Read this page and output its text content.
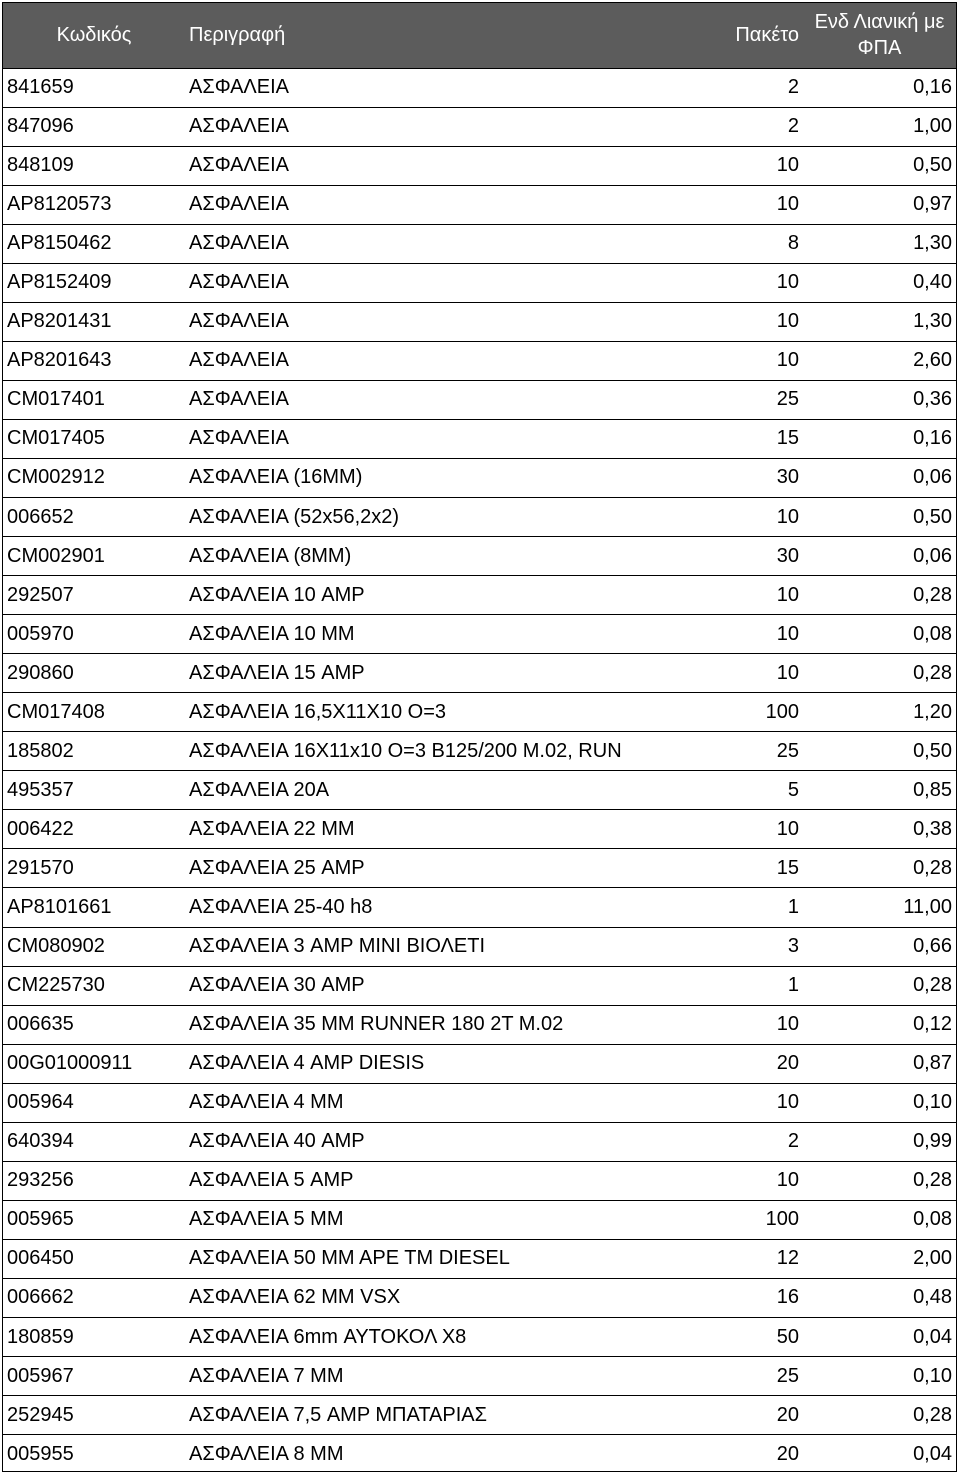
Κωδικός	Περιγραφή	Πακέτο	Ενδ Λιανική με
ΦΠΑ
841659	ΑΣΦΑΛΕΙΑ	2	0,16
847096	ΑΣΦΑΛΕΙΑ	2	1,00
848109	ΑΣΦΑΛΕΙΑ	10	0,50
AP8120573	ΑΣΦΑΛΕΙΑ	10	0,97
AP8150462	ΑΣΦΑΛΕΙΑ	8	1,30
AP8152409	ΑΣΦΑΛΕΙΑ	10	0,40
AP8201431	ΑΣΦΑΛΕΙΑ	10	1,30
AP8201643	ΑΣΦΑΛΕΙΑ	10	2,60
CM017401	ΑΣΦΑΛΕΙΑ	25	0,36
CM017405	ΑΣΦΑΛΕΙΑ	15	0,16
CM002912	ΑΣΦΑΛΕΙΑ (16MM)	30	0,06
006652	ΑΣΦΑΛΕΙΑ (52x56,2x2)	10	0,50
CM002901	ΑΣΦΑΛΕΙΑ (8MM)	30	0,06
292507	ΑΣΦΑΛΕΙΑ 10 AMP	10	0,28
005970	ΑΣΦΑΛΕΙΑ 10 MM	10	0,08
290860	ΑΣΦΑΛΕΙΑ 15 AMP	10	0,28
CM017408	ΑΣΦΑΛΕΙΑ 16,5X11X10 O=3	100	1,20
185802	ΑΣΦΑΛΕΙΑ 16Χ11x10 O=3 B125/200 M.02, RUN	25	0,50
495357	ΑΣΦΑΛΕΙΑ 20A	5	0,85
006422	ΑΣΦΑΛΕΙΑ 22 MM	10	0,38
291570	ΑΣΦΑΛΕΙΑ 25 AMP	15	0,28
AP8101661	ΑΣΦΑΛΕΙΑ 25-40 h8	1	11,00
CM080902	ΑΣΦΑΛΕΙΑ 3 AMP MINI ΒΙΟΛΕΤΙ	3	0,66
CM225730	ΑΣΦΑΛΕΙΑ 30 AMP	1	0,28
006635	ΑΣΦΑΛΕΙΑ 35 MM RUNNER 180 2T M.02	10	0,12
00G01000911	ΑΣΦΑΛΕΙΑ 4 AMP DIESIS	20	0,87
005964	ΑΣΦΑΛΕΙΑ 4 MM	10	0,10
640394	ΑΣΦΑΛΕΙΑ 40 AMP	2	0,99
293256	ΑΣΦΑΛΕΙΑ 5 AMP	10	0,28
005965	ΑΣΦΑΛΕΙΑ 5 MM	100	0,08
006450	ΑΣΦΑΛΕΙΑ 50 MM APE TM DIESEL	12	2,00
006662	ΑΣΦΑΛΕΙΑ 62 MM VSX	16	0,48
180859	ΑΣΦΑΛΕΙΑ 6mm ΑΥΤΟΚΟΛ Χ8	50	0,04
005967	ΑΣΦΑΛΕΙΑ 7 MM	25	0,10
252945	ΑΣΦΑΛΕΙΑ 7,5 AMP ΜΠΑΤΑΡΙΑΣ	20	0,28
005955	ΑΣΦΑΛΕΙΑ 8 MM	20	0,04
